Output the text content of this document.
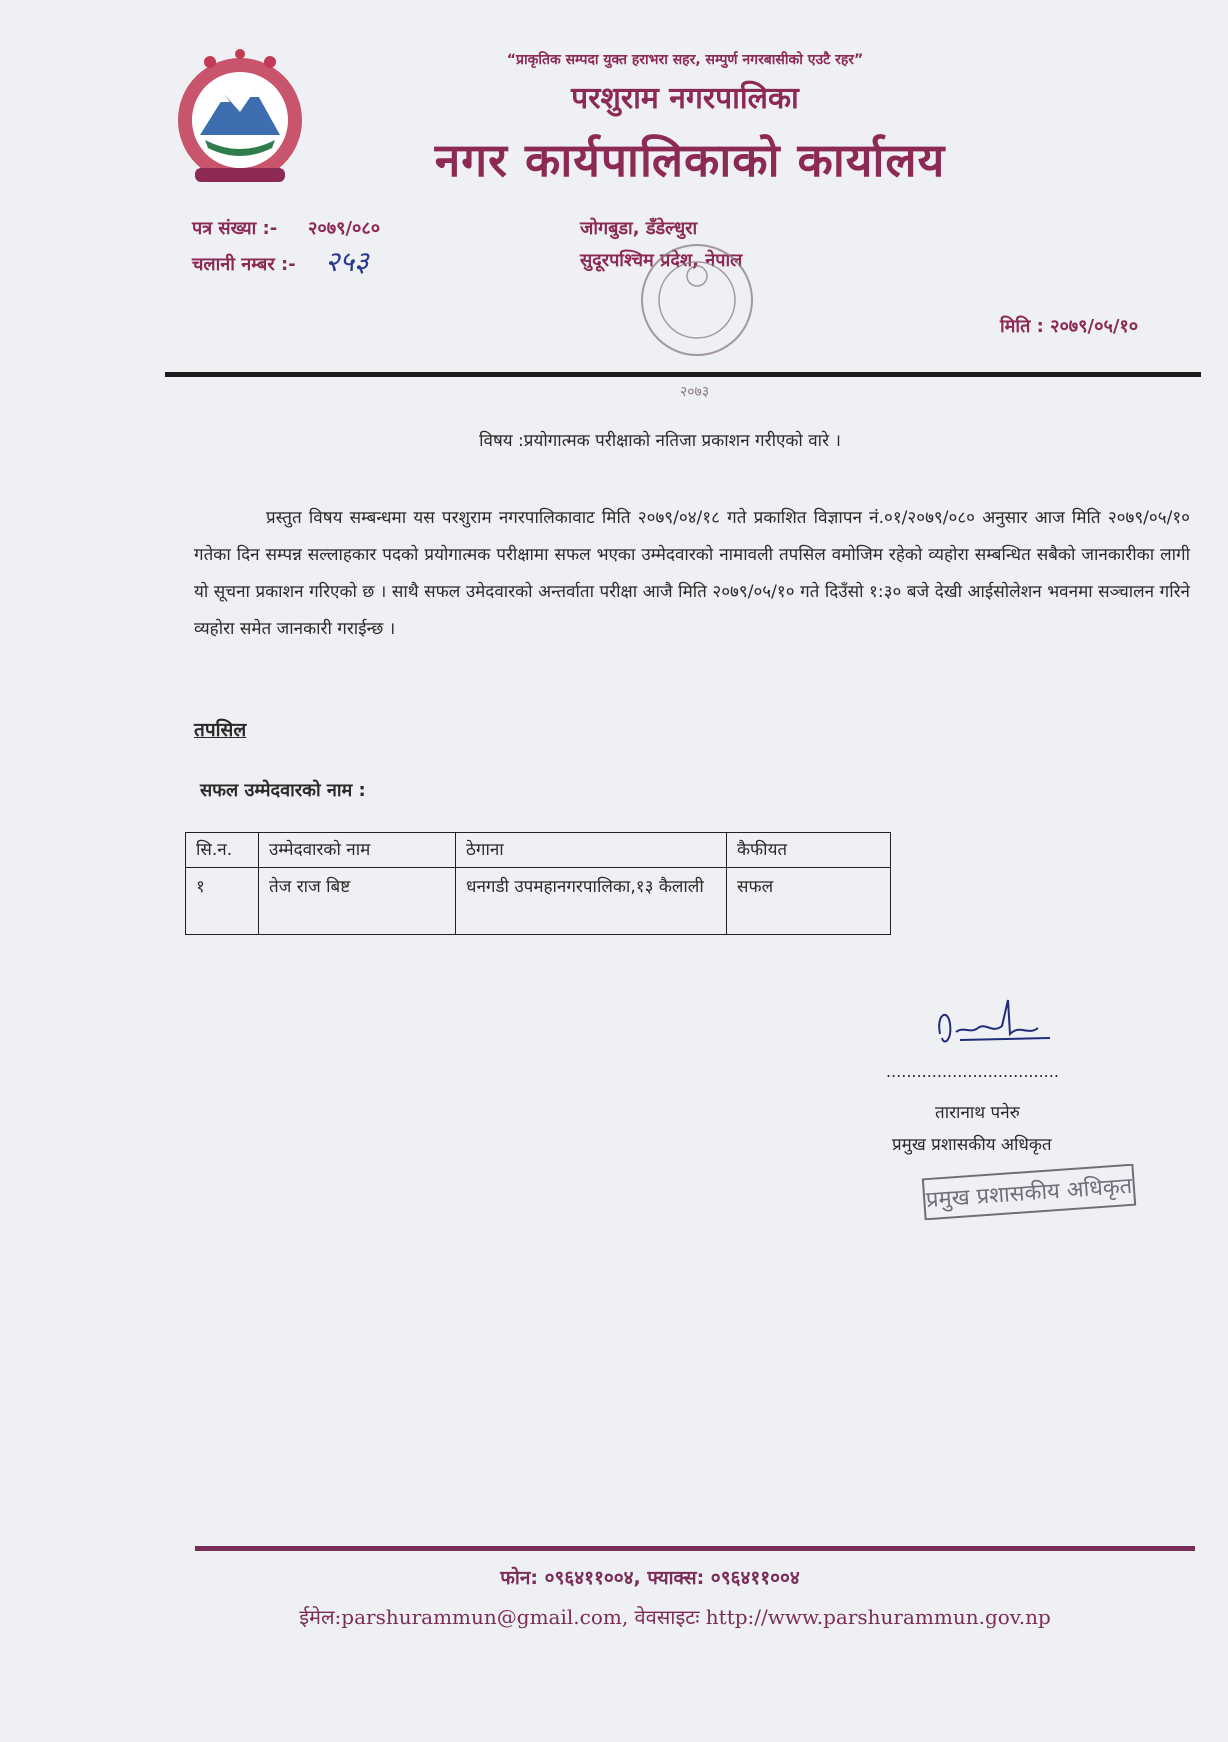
“प्राकृतिक सम्पदा युक्त हराभरा सहर, सम्पुर्ण नगरबासीको एउटै रहर”
परशुराम नगरपालिका
नगर कार्यपालिकाको कार्यालय
पत्र संख्या :- २०७९/०८०
चलानी नम्बर :- २५३
जोगबुडा, डँडेल्धुरा
सुदूरपश्चिम प्रदेश, नेपाल
२०७३
मिति : २०७९/०५/१०
विषय :प्रयोगात्मक परीक्षाको नतिजा प्रकाशन गरीएको वारे ।
प्रस्तुत विषय सम्बन्धमा यस परशुराम नगरपालिकावाट मिति २०७९/०४/१८ गते प्रकाशित विज्ञापन नं.०१/२०७९/०८० अनुसार आज मिति २०७९/०५/१० गतेका दिन सम्पन्न सल्लाहकार पदको प्रयोगात्मक परीक्षामा सफल भएका उम्मेदवारको नामावली तपसिल वमोजिम रहेको व्यहोरा सम्बन्धित सबैको जानकारीका लागी यो सूचना प्रकाशन गरिएको छ । साथै सफल उमेदवारको अन्तर्वाता परीक्षा आजै मिति २०७९/०५/१० गते दिउँसो १:३० बजे देखी आईसोलेशन भवनमा सञ्चालन गरिने व्यहोरा समेत जानकारी गराईन्छ ।
तपसिल
सफल उम्मेदवारको नाम :
सि.न.	उम्मेदवारको नाम	ठेगाना	कैफीयत
१	तेज राज बिष्ट	धनगडी उपमहानगरपालिका,१३ कैलाली	सफल
..................................
तारानाथ पनेरु
प्रमुख प्रशासकीय अधिकृत
प्रमुख प्रशासकीय अधिकृत
फोन: ०९६४११००४, फ्याक्स: ०९६४११००४
ईमेल:parshurammun@gmail.com, वेवसाइटः http://www.parshurammun.gov.np
